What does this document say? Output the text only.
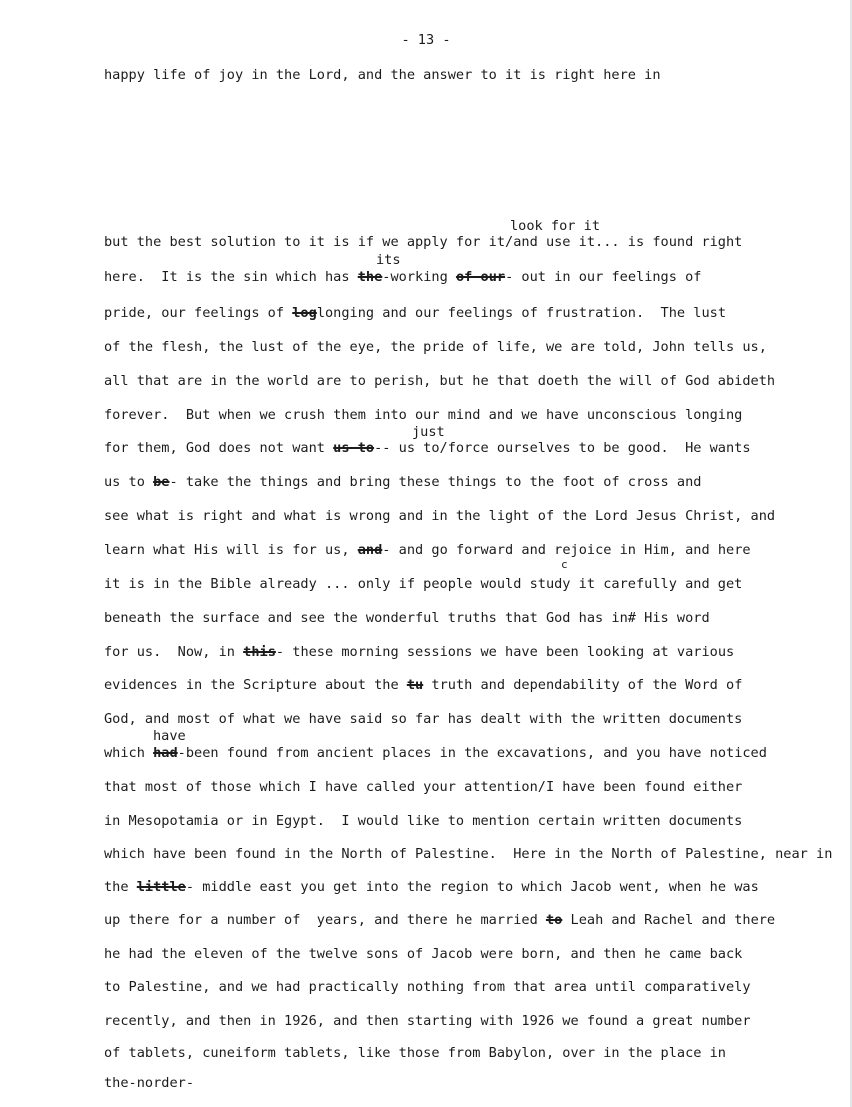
- 13 -
happy life of joy in the Lord, and the answer to it is right here in
look for it
but the best solution to it is if we apply for it/and use it... is found right
its
here.  It is the sin which has the-working of-our- out in our feelings of
pride, our feelings of loglonging and our feelings of frustration.  The lust
of the flesh, the lust of the eye, the pride of life, we are told, John tells us,
all that are in the world are to perish, but he that doeth the will of God abideth
forever.  But when we crush them into our mind and we have unconscious longing
just
for them, God does not want us-to-- us to/force ourselves to be good.  He wants
us to be- take the things and bring these things to the foot of cross and
see what is right and what is wrong and in the light of the Lord Jesus Christ, and
c
learn what His will is for us, and- and go forward and rejoice in Him, and here
it is in the Bible already ... only if people would study it carefully and get
beneath the surface and see the wonderful truths that God has in# His word
for us.  Now, in this- these morning sessions we have been looking at various
evidences in the Scripture about the tu truth and dependability of the Word of
God, and most of what we have said so far has dealt with the written documents
have
which had-been found from ancient places in the excavations, and you have noticed
that most of those which I have called your attention/I have been found either
in Mesopotamia or in Egypt.  I would like to mention certain written documents
which have been found in the North of Palestine.  Here in the North of Palestine, near in
the little- middle east you get into the region to which Jacob went, when he was
up there for a number of  years, and there he married to Leah and Rachel and there
he had the eleven of the twelve sons of Jacob were born, and then he came back
to Palestine, and we had practically nothing from that area until comparatively
recently, and then in 1926, and then starting with 1926 we found a great number
of tablets, cuneiform tablets, like those from Babylon, over in the place in
the-norder-
